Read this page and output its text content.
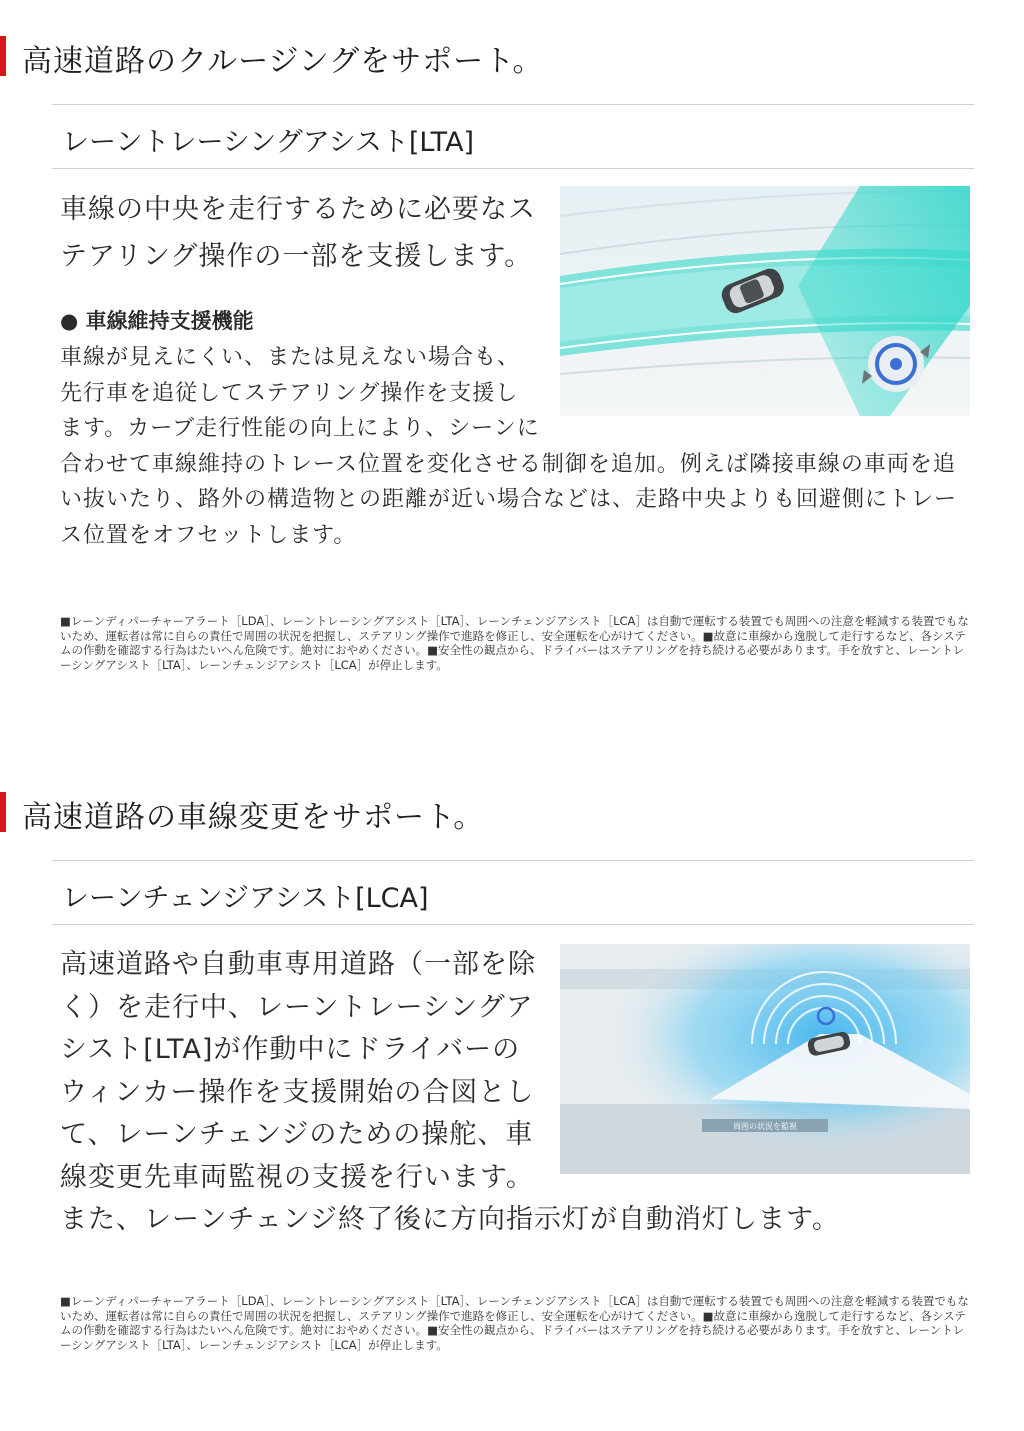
高速道路のクルージングをサポート。
レーントレーシングアシスト[LTA]

車線の中央を走行するために必要なステアリング操作の一部を支援します。

● 車線維持支援機能

車線が見えにくい、または見えない場合も、先行車を追従してステアリング操作を支援します。カーブ走行性能の向上により、シーンに合わせて車線維持のトレース位置を変化させる制御を追加。例えば隣接車線の車両を追い抜いたり、路外の構造物との距離が近い場合などは、走路中央よりも回避側にトレース位置をオフセットします。

■レーンディパーチャーアラート［LDA］、レーントレーシングアシスト［LTA］、レーンチェンジアシスト［LCA］は自動で運転する装置でも周囲への注意を軽減する装置でもないため、運転者は常に自らの責任で周囲の状況を把握し、ステアリング操作で進路を修正し、安全運転を心がけてください。■故意に車線から逸脱して走行するなど、各システムの作動を確認する行為はたいへん危険です。絶対におやめください。■安全性の観点から、ドライバーはステアリングを持ち続ける必要があります。手を放すと、レーントレーシングアシスト［LTA］、レーンチェンジアシスト［LCA］が停止します。

高速道路の車線変更をサポート。
レーンチェンジアシスト[LCA]
周囲の状況を監視

高速道路や自動車専用道路（一部を除く）を走行中、レーントレーシングアシスト[LTA]が作動中にドライバーのウィンカー操作を支援開始の合図として、レーンチェンジのための操舵、車線変更先車両監視の支援を行います。また、レーンチェンジ終了後に方向指示灯が自動消灯します。

■レーンディパーチャーアラート［LDA］、レーントレーシングアシスト［LTA］、レーンチェンジアシスト［LCA］は自動で運転する装置でも周囲への注意を軽減する装置でもないため、運転者は常に自らの責任で周囲の状況を把握し、ステアリング操作で進路を修正し、安全運転を心がけてください。■故意に車線から逸脱して走行するなど、各システムの作動を確認する行為はたいへん危険です。絶対におやめください。■安全性の観点から、ドライバーはステアリングを持ち続ける必要があります。手を放すと、レーントレーシングアシスト［LTA］、レーンチェンジアシスト［LCA］が停止します。
